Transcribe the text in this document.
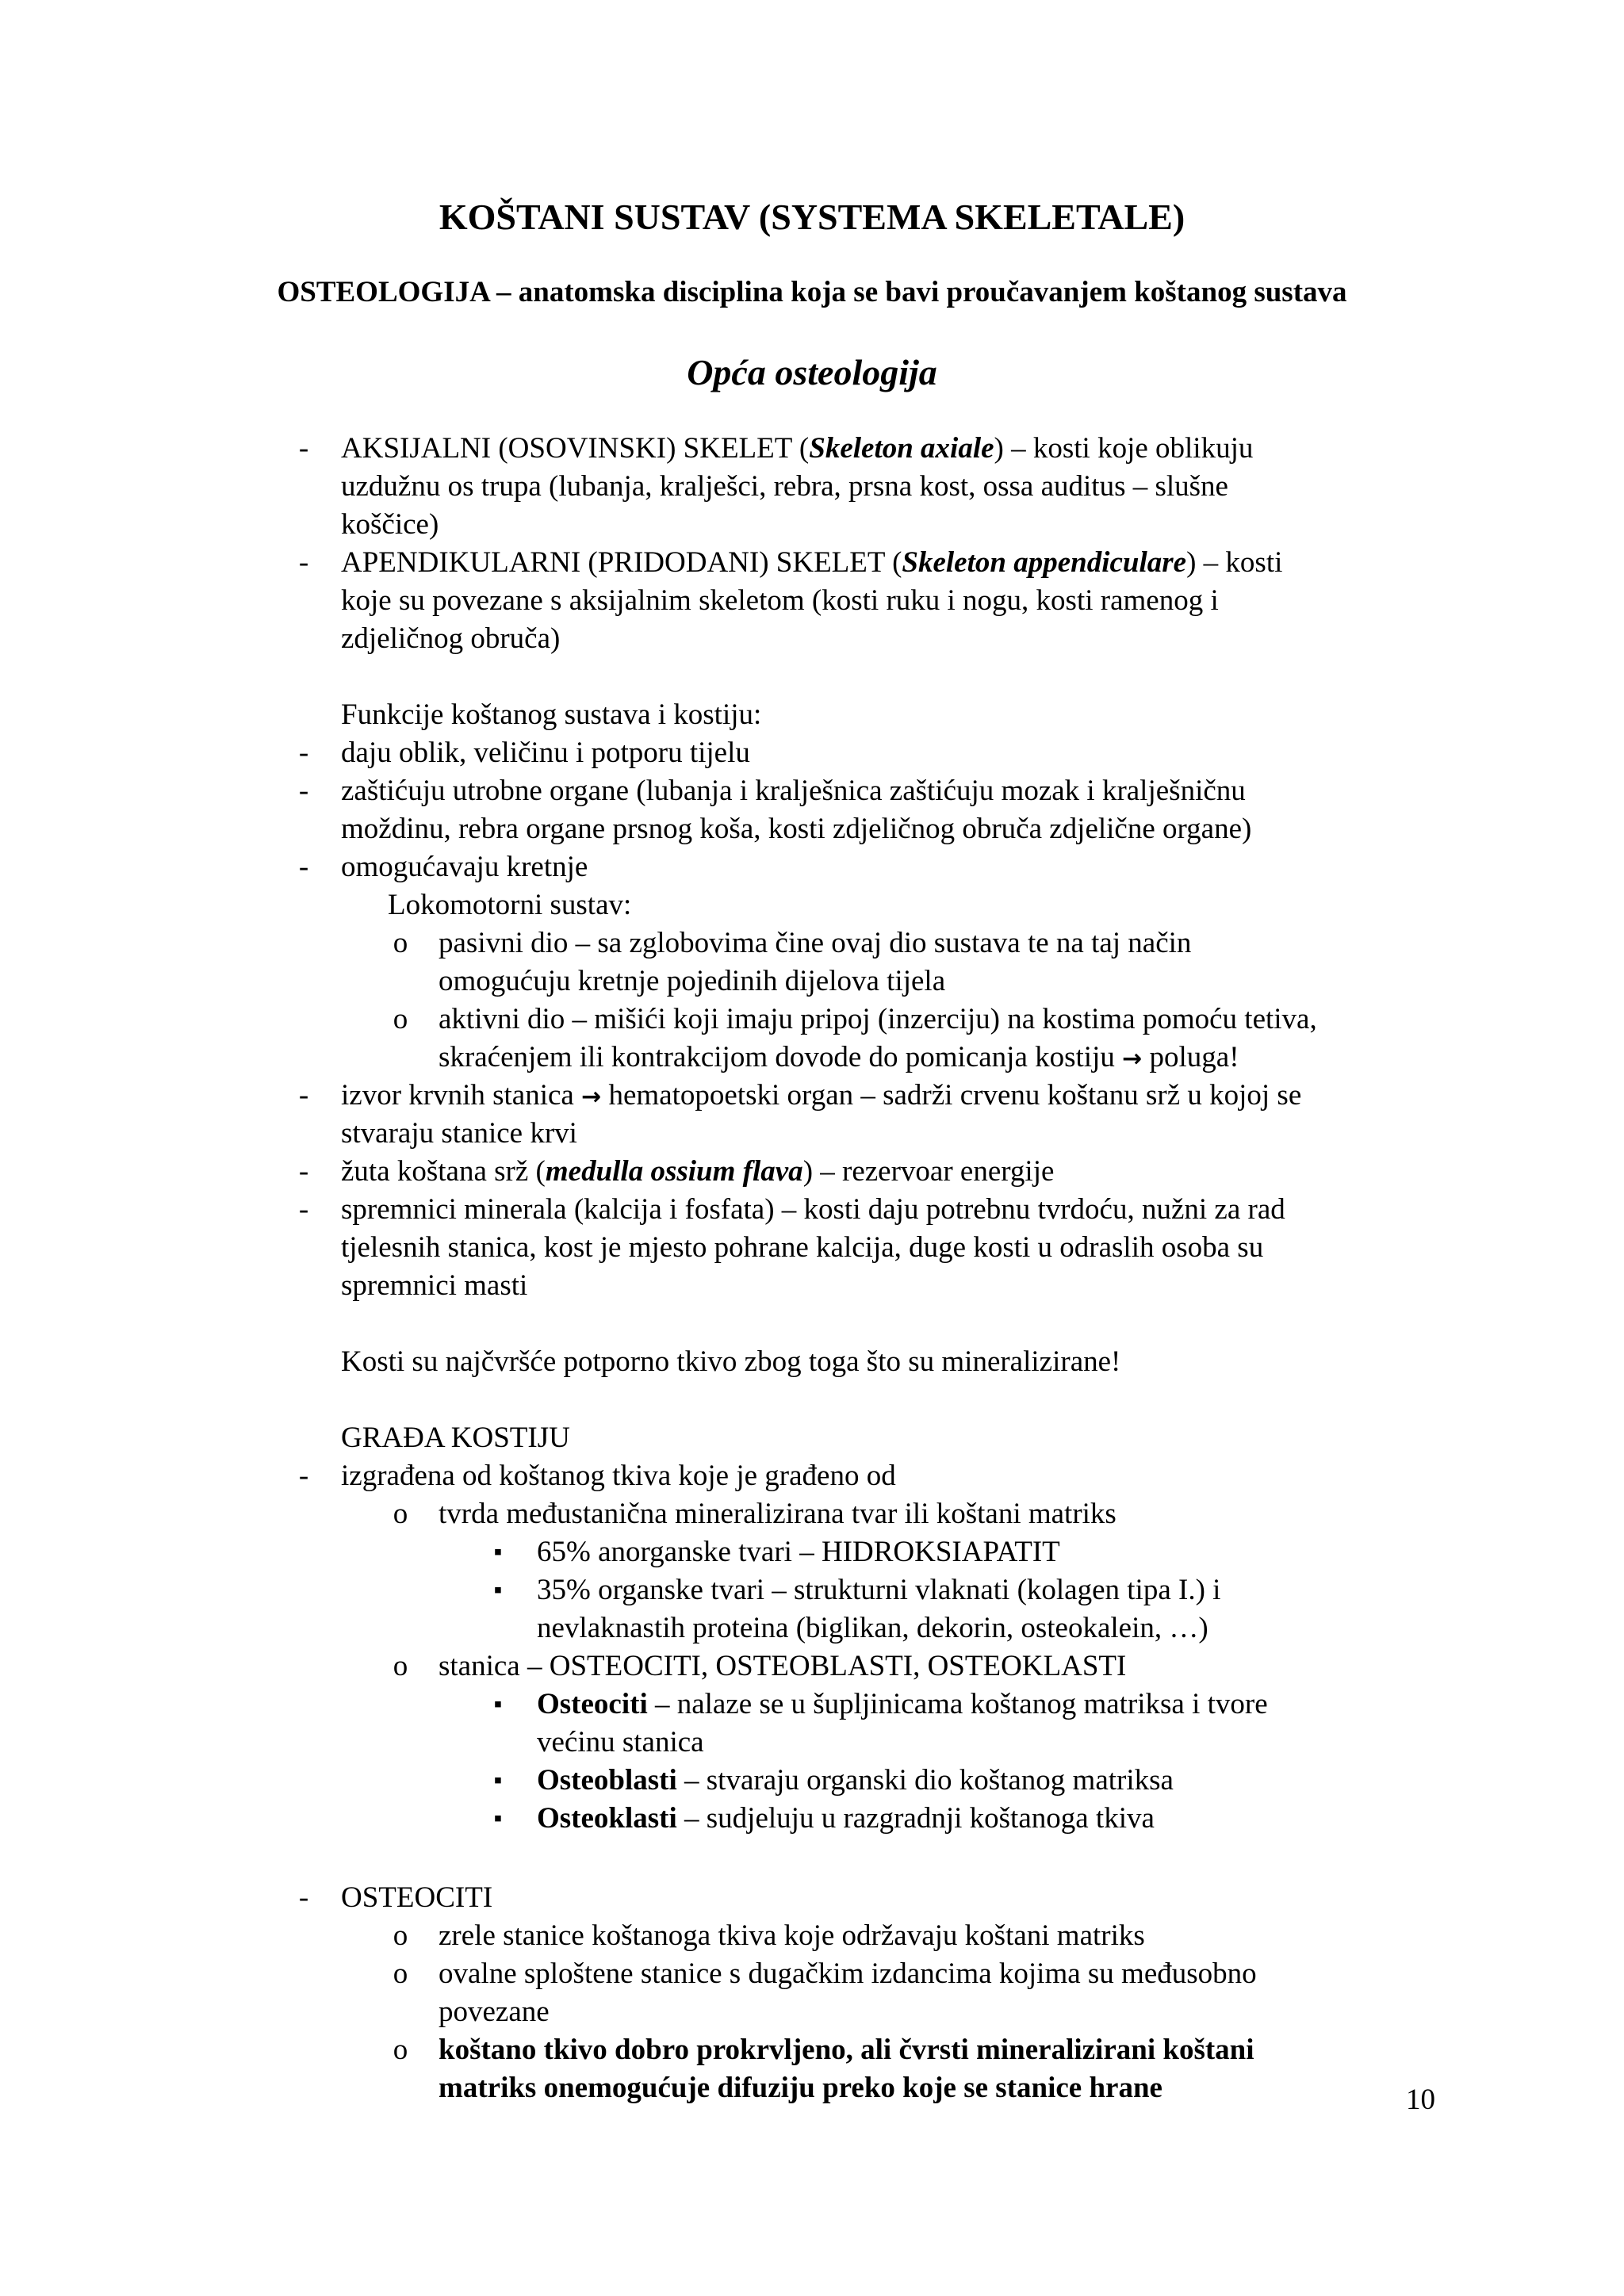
KOŠTANI SUSTAV (SYSTEMA SKELETALE)
OSTEOLOGIJA – anatomska disciplina koja se bavi proučavanjem koštanog sustava
Opća osteologija
- AKSIJALNI (OSOVINSKI) SKELET (Skeleton axiale) – kosti koje oblikuju
uzdužnu os trupa (lubanja, kralješci, rebra, prsna kost, ossa auditus – slušne
koščice)
- APENDIKULARNI (PRIDODANI) SKELET (Skeleton appendiculare) – kosti
koje su povezane s aksijalnim skeletom (kosti ruku i nogu, kosti ramenog i
zdjeličnog obruča)
Funkcije koštanog sustava i kostiju:
- daju oblik, veličinu i potporu tijelu
- zaštićuju utrobne organe (lubanja i kralješnica zaštićuju mozak i kralješničnu
moždinu, rebra organe prsnog koša, kosti zdjeličnog obruča zdjelične organe)
- omogućavaju kretnje
Lokomotorni sustav:
o pasivni dio – sa zglobovima čine ovaj dio sustava te na taj način
omogućuju kretnje pojedinih dijelova tijela
o aktivni dio – mišići koji imaju pripoj (inzerciju) na kostima pomoću tetiva,
skraćenjem ili kontrakcijom dovode do pomicanja kostiju → poluga!
- izvor krvnih stanica → hematopoetski organ – sadrži crvenu koštanu srž u kojoj se
stvaraju stanice krvi
- žuta koštana srž (medulla ossium flava) – rezervoar energije
- spremnici minerala (kalcija i fosfata) – kosti daju potrebnu tvrdoću, nužni za rad
tjelesnih stanica, kost je mjesto pohrane kalcija, duge kosti u odraslih osoba su
spremnici masti
Kosti su najčvršće potporno tkivo zbog toga što su mineralizirane!
GRAĐA KOSTIJU
- izgrađena od koštanog tkiva koje je građeno od
o tvrda međustanična mineralizirana tvar ili koštani matriks
▪ 65% anorganske tvari – HIDROKSIAPATIT
▪ 35% organske tvari – strukturni vlaknati (kolagen tipa I.) i
nevlaknastih proteina (biglikan, dekorin, osteokalein, …)
o stanica – OSTEOCITI, OSTEOBLASTI, OSTEOKLASTI
▪ Osteociti – nalaze se u šupljinicama koštanog matriksa i tvore
većinu stanica
▪ Osteoblasti – stvaraju organski dio koštanog matriksa
▪ Osteoklasti – sudjeluju u razgradnji koštanoga tkiva
- OSTEOCITI
o zrele stanice koštanoga tkiva koje održavaju koštani matriks
o ovalne splоštene stanice s dugačkim izdancima kojima su međusobno
povezane
o koštano tkivo dobro prokrvljeno, ali čvrsti mineralizirani koštani
matriks onemogućuje difuziju preko koje se stanice hrane	10
